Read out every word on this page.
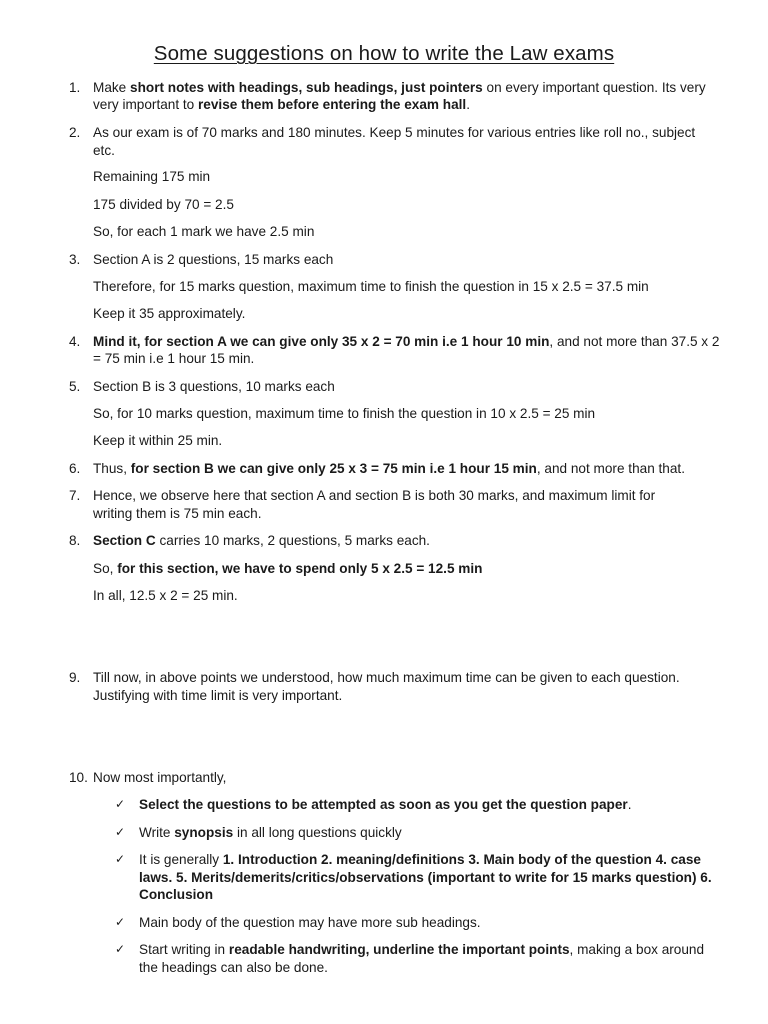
Some suggestions on how to write the Law exams
1. Make short notes with headings, sub headings, just pointers on every important question. Its very
very important to revise them before entering the exam hall.
2. As our exam is of 70 marks and 180 minutes. Keep 5 minutes for various entries like roll no., subject
etc.
Remaining 175 min
175 divided by 70 = 2.5
So, for each 1 mark we have 2.5 min
3. Section A is 2 questions, 15 marks each
Therefore, for 15 marks question, maximum time to finish the question in 15 x 2.5 = 37.5 min
Keep it 35 approximately.
4. Mind it, for section A we can give only 35 x 2 = 70 min i.e 1 hour 10 min, and not more than 37.5 x 2
= 75 min i.e 1 hour 15 min.
5. Section B is 3 questions, 10 marks each
So, for 10 marks question, maximum time to finish the question in 10 x 2.5 = 25 min
Keep it within 25 min.
6. Thus, for section B we can give only 25 x 3 = 75 min i.e 1 hour 15 min, and not more than that.
7. Hence, we observe here that section A and section B is both 30 marks, and maximum limit for
writing them is 75 min each.
8. Section C carries 10 marks, 2 questions, 5 marks each.
So, for this section, we have to spend only 5 x 2.5 = 12.5 min
In all, 12.5 x 2 = 25 min.
9. Till now, in above points we understood, how much maximum time can be given to each question.
Justifying with time limit is very important.
10. Now most importantly,
✓ Select the questions to be attempted as soon as you get the question paper.
✓ Write synopsis in all long questions quickly
✓ It is generally 1. Introduction 2. meaning/definitions 3. Main body of the question 4. case
laws. 5. Merits/demerits/critics/observations (important to write for 15 marks question) 6.
Conclusion
✓ Main body of the question may have more sub headings.
✓ Start writing in readable handwriting, underline the important points, making a box around
the headings can also be done.
